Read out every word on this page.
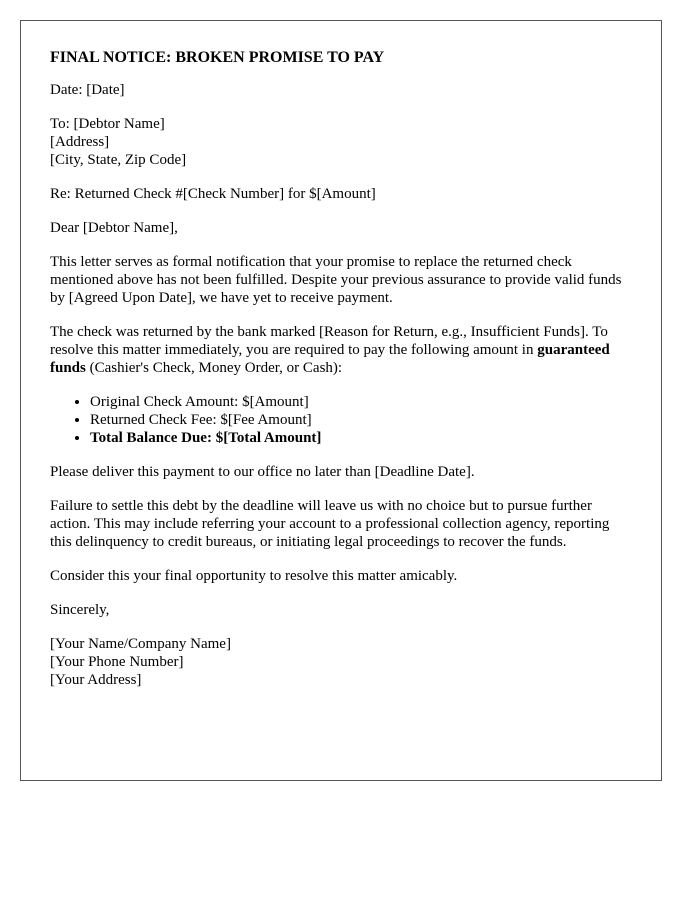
FINAL NOTICE: BROKEN PROMISE TO PAY

Date: [Date]

To: [Debtor Name]
[Address]
[City, State, Zip Code]

Re: Returned Check #[Check Number] for $[Amount]

Dear [Debtor Name],

This letter serves as formal notification that your promise to replace the returned check mentioned above has not been fulfilled. Despite your previous assurance to provide valid funds by [Agreed Upon Date], we have yet to receive payment.

The check was returned by the bank marked [Reason for Return, e.g., Insufficient Funds]. To resolve this matter immediately, you are required to pay the following amount in guaranteed funds (Cashier's Check, Money Order, or Cash):

• Original Check Amount: $[Amount]
• Returned Check Fee: $[Fee Amount]
• Total Balance Due: $[Total Amount]

Please deliver this payment to our office no later than [Deadline Date].

Failure to settle this debt by the deadline will leave us with no choice but to pursue further action. This may include referring your account to a professional collection agency, reporting this delinquency to credit bureaus, or initiating legal proceedings to recover the funds.

Consider this your final opportunity to resolve this matter amicably.

Sincerely,

[Your Name/Company Name]
[Your Phone Number]
[Your Address]
